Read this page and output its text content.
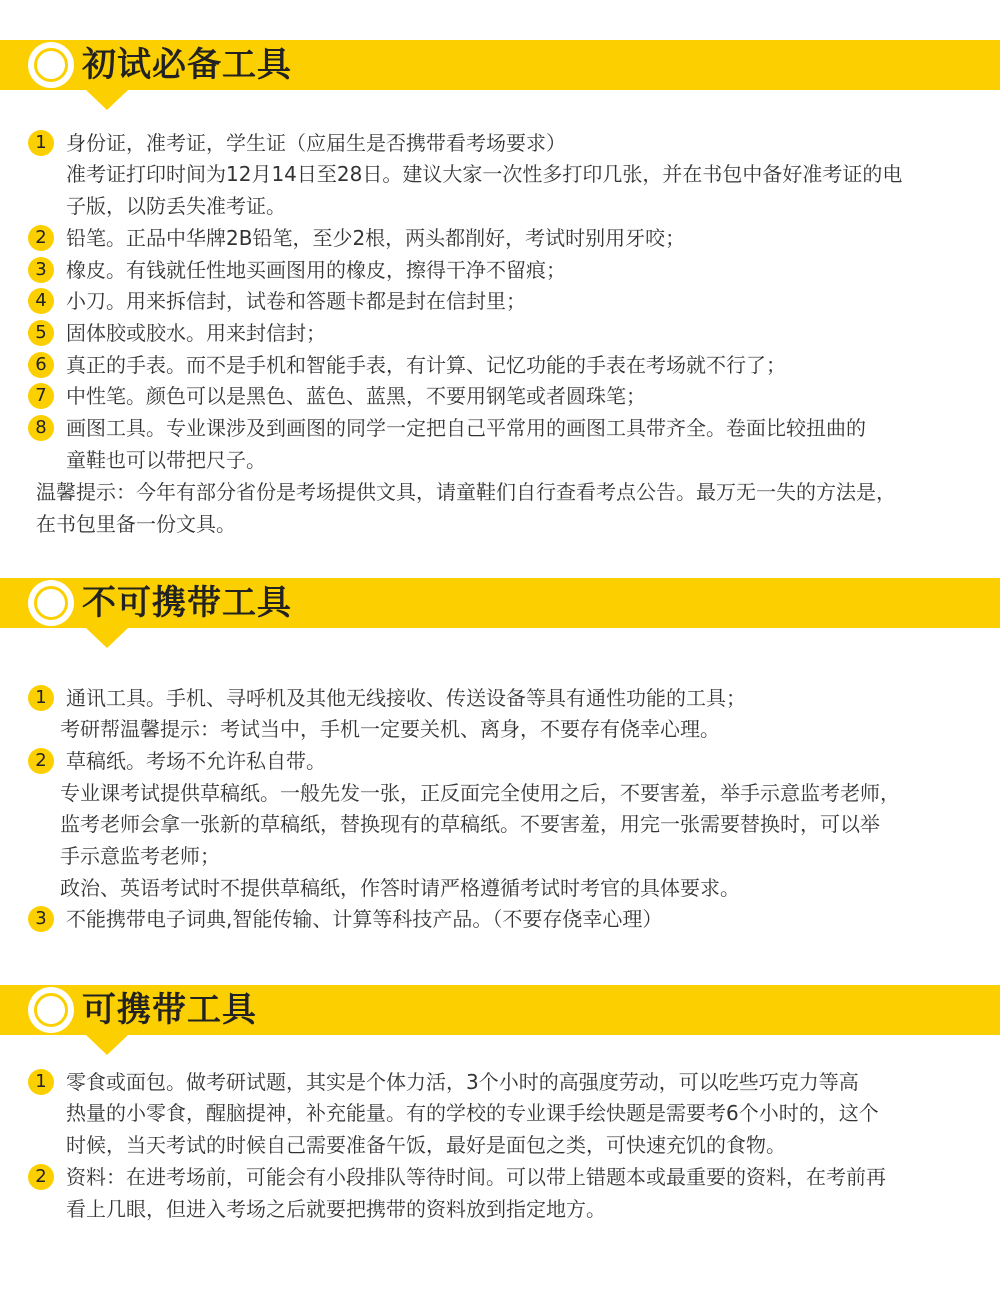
初试必备工具
1 身份证，准考证，学生证（应届生是否携带看考场要求）
准考证打印时间为12月14日至28日。建议大家一次性多打印几张，并在书包中备好准考证的电
子版，以防丢失准考证。
2 铅笔。正品中华牌2B铅笔，至少2根，两头都削好，考试时别用牙咬；
3 橡皮。有钱就任性地买画图用的橡皮，擦得干净不留痕；
4 小刀。用来拆信封，试卷和答题卡都是封在信封里；
5 固体胶或胶水。用来封信封；
6 真正的手表。而不是手机和智能手表，有计算、记忆功能的手表在考场就不行了；
7 中性笔。颜色可以是黑色、蓝色、蓝黑，不要用钢笔或者圆珠笔；
8 画图工具。专业课涉及到画图的同学一定把自己平常用的画图工具带齐全。卷面比较扭曲的
童鞋也可以带把尺子。
温馨提示：今年有部分省份是考场提供文具，请童鞋们自行查看考点公告。最万无一失的方法是，
在书包里备一份文具。
不可携带工具
1 通讯工具。手机、寻呼机及其他无线接收、传送设备等具有通性功能的工具；
考研帮温馨提示：考试当中，手机一定要关机、离身，不要存有侥幸心理。
2 草稿纸。考场不允许私自带。
专业课考试提供草稿纸。一般先发一张，正反面完全使用之后，不要害羞，举手示意监考老师，
监考老师会拿一张新的草稿纸，替换现有的草稿纸。不要害羞，用完一张需要替换时，可以举
手示意监考老师；
政治、英语考试时不提供草稿纸，作答时请严格遵循考试时考官的具体要求。
3 不能携带电子词典,智能传输、计算等科技产品。（不要存侥幸心理）
可携带工具
1 零食或面包。做考研试题，其实是个体力活，3个小时的高强度劳动，可以吃些巧克力等高
热量的小零食，醒脑提神，补充能量。有的学校的专业课手绘快题是需要考6个小时的，这个
时候，当天考试的时候自己需要准备午饭，最好是面包之类，可快速充饥的食物。
2 资料：在进考场前，可能会有小段排队等待时间。可以带上错题本或最重要的资料，在考前再
看上几眼，但进入考场之后就要把携带的资料放到指定地方。
